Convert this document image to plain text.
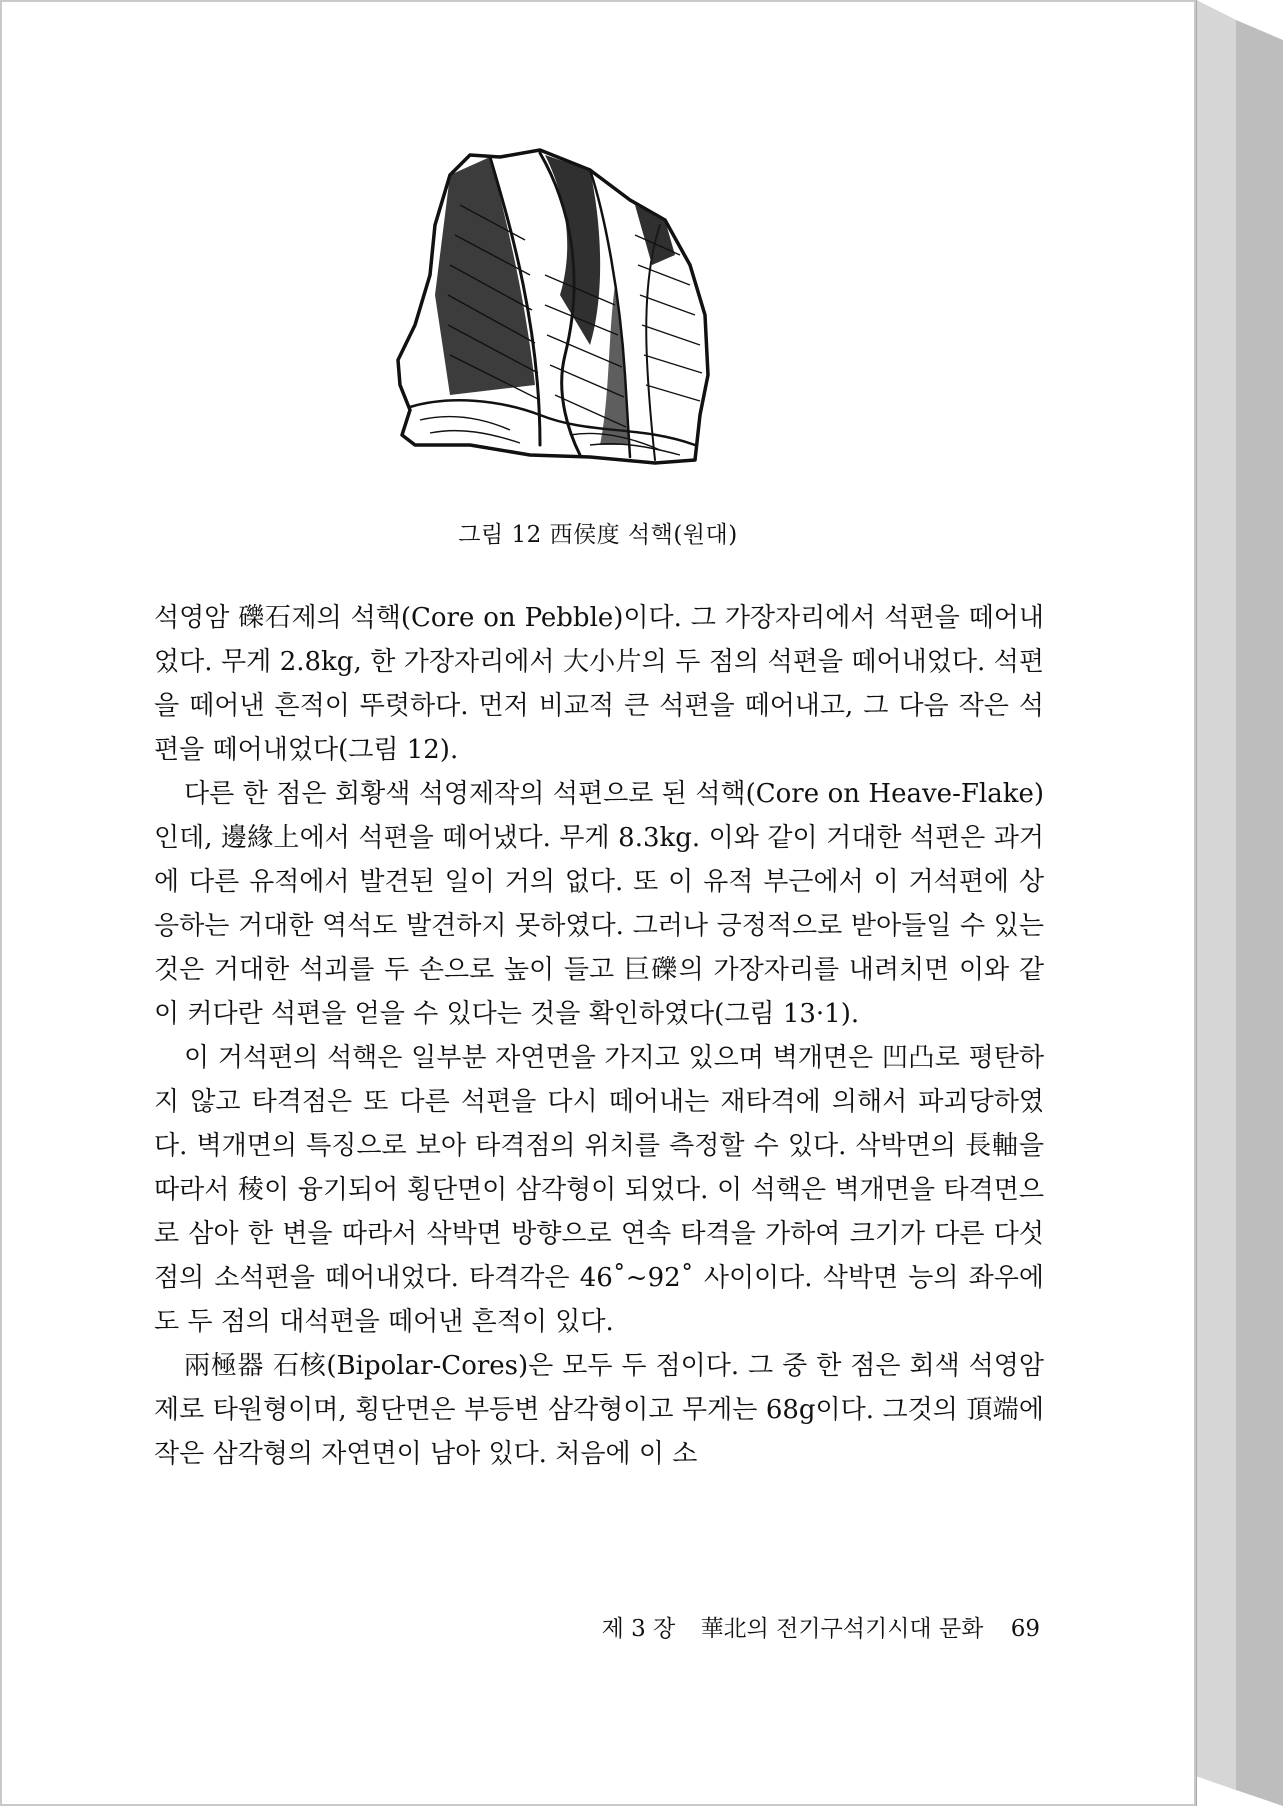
그림 12 西侯度 석핵(원대)

석영암 礫石제의 석핵(Core on Pebble)이다. 그 가장자리에서 석편을 떼어내었다. 무게 2.8kg, 한 가장자리에서 大小片의 두 점의 석편을 떼어내었다. 석편을 떼어낸 흔적이 뚜렷하다. 먼저 비교적 큰 석편을 떼어내고, 그 다음 작은 석편을 떼어내었다(그림 12).

다른 한 점은 회황색 석영제작의 석편으로 된 석핵(Core on Heave-Flake)인데, 邊緣上에서 석편을 떼어냈다. 무게 8.3kg. 이와 같이 거대한 석편은 과거에 다른 유적에서 발견된 일이 거의 없다. 또 이 유적 부근에서 이 거석편에 상응하는 거대한 역석도 발견하지 못하였다. 그러나 긍정적으로 받아들일 수 있는 것은 거대한 석괴를 두 손으로 높이 들고 巨礫의 가장자리를 내려치면 이와 같이 커다란 석편을 얻을 수 있다는 것을 확인하였다(그림 13·1).

이 거석편의 석핵은 일부분 자연면을 가지고 있으며 벽개면은 凹凸로 평탄하지 않고 타격점은 또 다른 석편을 다시 떼어내는 재타격에 의해서 파괴당하였다. 벽개면의 특징으로 보아 타격점의 위치를 측정할 수 있다. 삭박면의 長軸을 따라서 稜이 융기되어 횡단면이 삼각형이 되었다. 이 석핵은 벽개면을 타격면으로 삼아 한 변을 따라서 삭박면 방향으로 연속 타격을 가하여 크기가 다른 다섯 점의 소석편을 떼어내었다. 타격각은 46˚~92˚ 사이이다. 삭박면 능의 좌우에도 두 점의 대석편을 떼어낸 흔적이 있다.

兩極器 石核(Bipolar-Cores)은 모두 두 점이다. 그 중 한 점은 회색 석영암제로 타원형이며, 횡단면은 부등변 삼각형이고 무게는 68g이다. 그것의 頂端에 작은 삼각형의 자연면이 남아 있다. 처음에 이 소

제 3 장 華北의 전기구석기시대 문화 69
